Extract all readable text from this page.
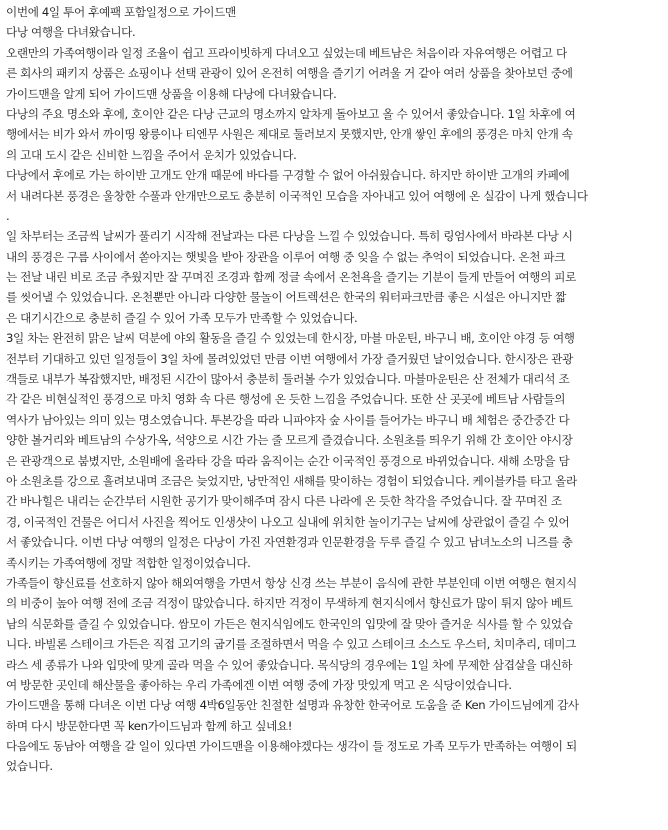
이번에 4일 투어 후예팩 포함일정으로 가이드맨
다낭 여행을 다녀왔습니다.
오랜만의 가족여행이라 일정 조율이 쉽고 프라이빗하게 다녀오고 싶었는데 베트남은 처음이라 자유여행은 어렵고 다
른 회사의 패키지 상품은 쇼핑이나 선택 관광이 있어 온전히 여행을 즐기기 어려울 거 같아 여러 상품을 찾아보던 중에
가이드맨을 알게 되어 가이드맨 상품을 이용해 다낭에 다녀왔습니다.
다낭의 주요 명소와 후에, 호이안 같은 다낭 근교의 명소까지 알차게 돌아보고 올 수 있어서 좋았습니다. 1일 차후에 여
행에서는 비가 와서 까이띵 왕릉이나 티엔무 사원은 제대로 둘러보지 못했지만, 안개 쌓인 후에의 풍경은 마치 안개 속
의 고대 도시 같은 신비한 느낌을 주어서 운치가 있었습니다.
다낭에서 후에로 가는 하이반 고개도 안개 때문에 바다를 구경할 수 없어 아쉬웠습니다. 하지만 하이반 고개의 카페에
서 내려다본 풍경은 울창한 수풀과 안개만으로도 충분히 이국적인 모습을 자아내고 있어 여행에 온 실감이 나게 했습니다
.
일 차부터는 조금씩 날씨가 풀리기 시작해 전날과는 다른 다낭을 느낄 수 있었습니다. 특히 링엄사에서 바라본 다낭 시
내의 풍경은 구름 사이에서 쏟아지는 햇빛을 받아 장관을 이루어 여행 중 잊을 수 없는 추억이 되었습니다. 온천 파크
는 전날 내린 비로 조금 추웠지만 잘 꾸며진 조경과 함께 정글 속에서 온천욕을 즐기는 기분이 들게 만들어 여행의 피로
를 씻어낼 수 있었습니다. 온천뿐만 아니라 다양한 물놀이 어트렉션은 한국의 워터파크만큼 좋은 시설은 아니지만 짧
은 대기시간으로 충분히 즐길 수 있어 가족 모두가 만족할 수 있었습니다.
3일 차는 완전히 맑은 날씨 덕분에 야외 활동을 즐길 수 있었는데 한시장, 마블 마운틴, 바구니 배, 호이안 야경 등 여행
전부터 기대하고 있던 일정들이 3일 차에 몰려있었던 만큼 이번 여행에서 가장 즐거웠던 날이었습니다. 한시장은 관광
객들로 내부가 복잡했지만, 배정된 시간이 많아서 충분히 둘러볼 수가 있었습니다. 마블마운틴은 산 전체가 대리석 조
각 같은 비현실적인 풍경으로 마치 영화 속 다른 행성에 온 듯한 느낌을 주었습니다. 또한 산 곳곳에 베트남 사람들의
역사가 남아있는 의미 있는 명소였습니다. 투본강을 따라 니파야자 숲 사이를 들어가는 바구니 배 체험은 중간중간 다
양한 볼거리와 베트남의 수상가옥, 석양으로 시간 가는 줄 모르게 즐겼습니다. 소원초를 띄우기 위해 간 호이안 야시장
은 관광객으로 붐볐지만, 소원배에 올라타 강을 따라 움직이는 순간 이국적인 풍경으로 바뀌었습니다. 새해 소망을 담
아 소원초를 강으로 흘려보내며 조금은 늦었지만, 낭만적인 새해를 맞이하는 경험이 되었습니다. 케이블카를 타고 올라
간 바나힐은 내리는 순간부터 시원한 공기가 맞이해주며 잠시 다른 나라에 온 듯한 착각을 주었습니다. 잘 꾸며진 조
경, 이국적인 건물은 어디서 사진을 찍어도 인생샷이 나오고 실내에 위치한 놀이기구는 날씨에 상관없이 즐길 수 있어
서 좋았습니다. 이번 다낭 여행의 일정은 다낭이 가진 자연환경과 인문환경을 두루 즐길 수 있고 남녀노소의 니즈를 충
족시키는 가족여행에 정말 적합한 일정이었습니다.
가족들이 향신료를 선호하지 않아 해외여행을 가면서 항상 신경 쓰는 부분이 음식에 관한 부분인데 이번 여행은 현지식
의 비중이 높아 여행 전에 조금 걱정이 많았습니다. 하지만 걱정이 무색하게 현지식에서 향신료가 많이 튀지 않아 베트
남의 식문화를 즐길 수 있었습니다. 쌈모이 가든은 현지식임에도 한국인의 입맛에 잘 맞아 즐거운 식사를 할 수 있었습
니다. 바빌론 스테이크 가든은 직접 고기의 굽기를 조절하면서 먹을 수 있고 스테이크 소스도 우스터, 치미추리, 데미그
라스 세 종류가 나와 입맛에 맞게 골라 먹을 수 있어 좋았습니다. 목식당의 경우에는 1일 차에 무제한 삼겹살을 대신하
여 방문한 곳인데 해산물을 좋아하는 우리 가족에겐 이번 여행 중에 가장 맛있게 먹고 온 식당이었습니다.
가이드맨을 통해 다녀온 이번 다낭 여행 4박6일동안 친절한 설명과 유창한 한국어로 도움을 준 Ken 가이드님에게 감사
하며 다시 방문한다면 꼭 ken가이드님과 함께 하고 싶네요!
다음에도 동남아 여행을 갈 일이 있다면 가이드맨을 이용해야겠다는 생각이 들 정도로 가족 모두가 만족하는 여행이 되
었습니다.
